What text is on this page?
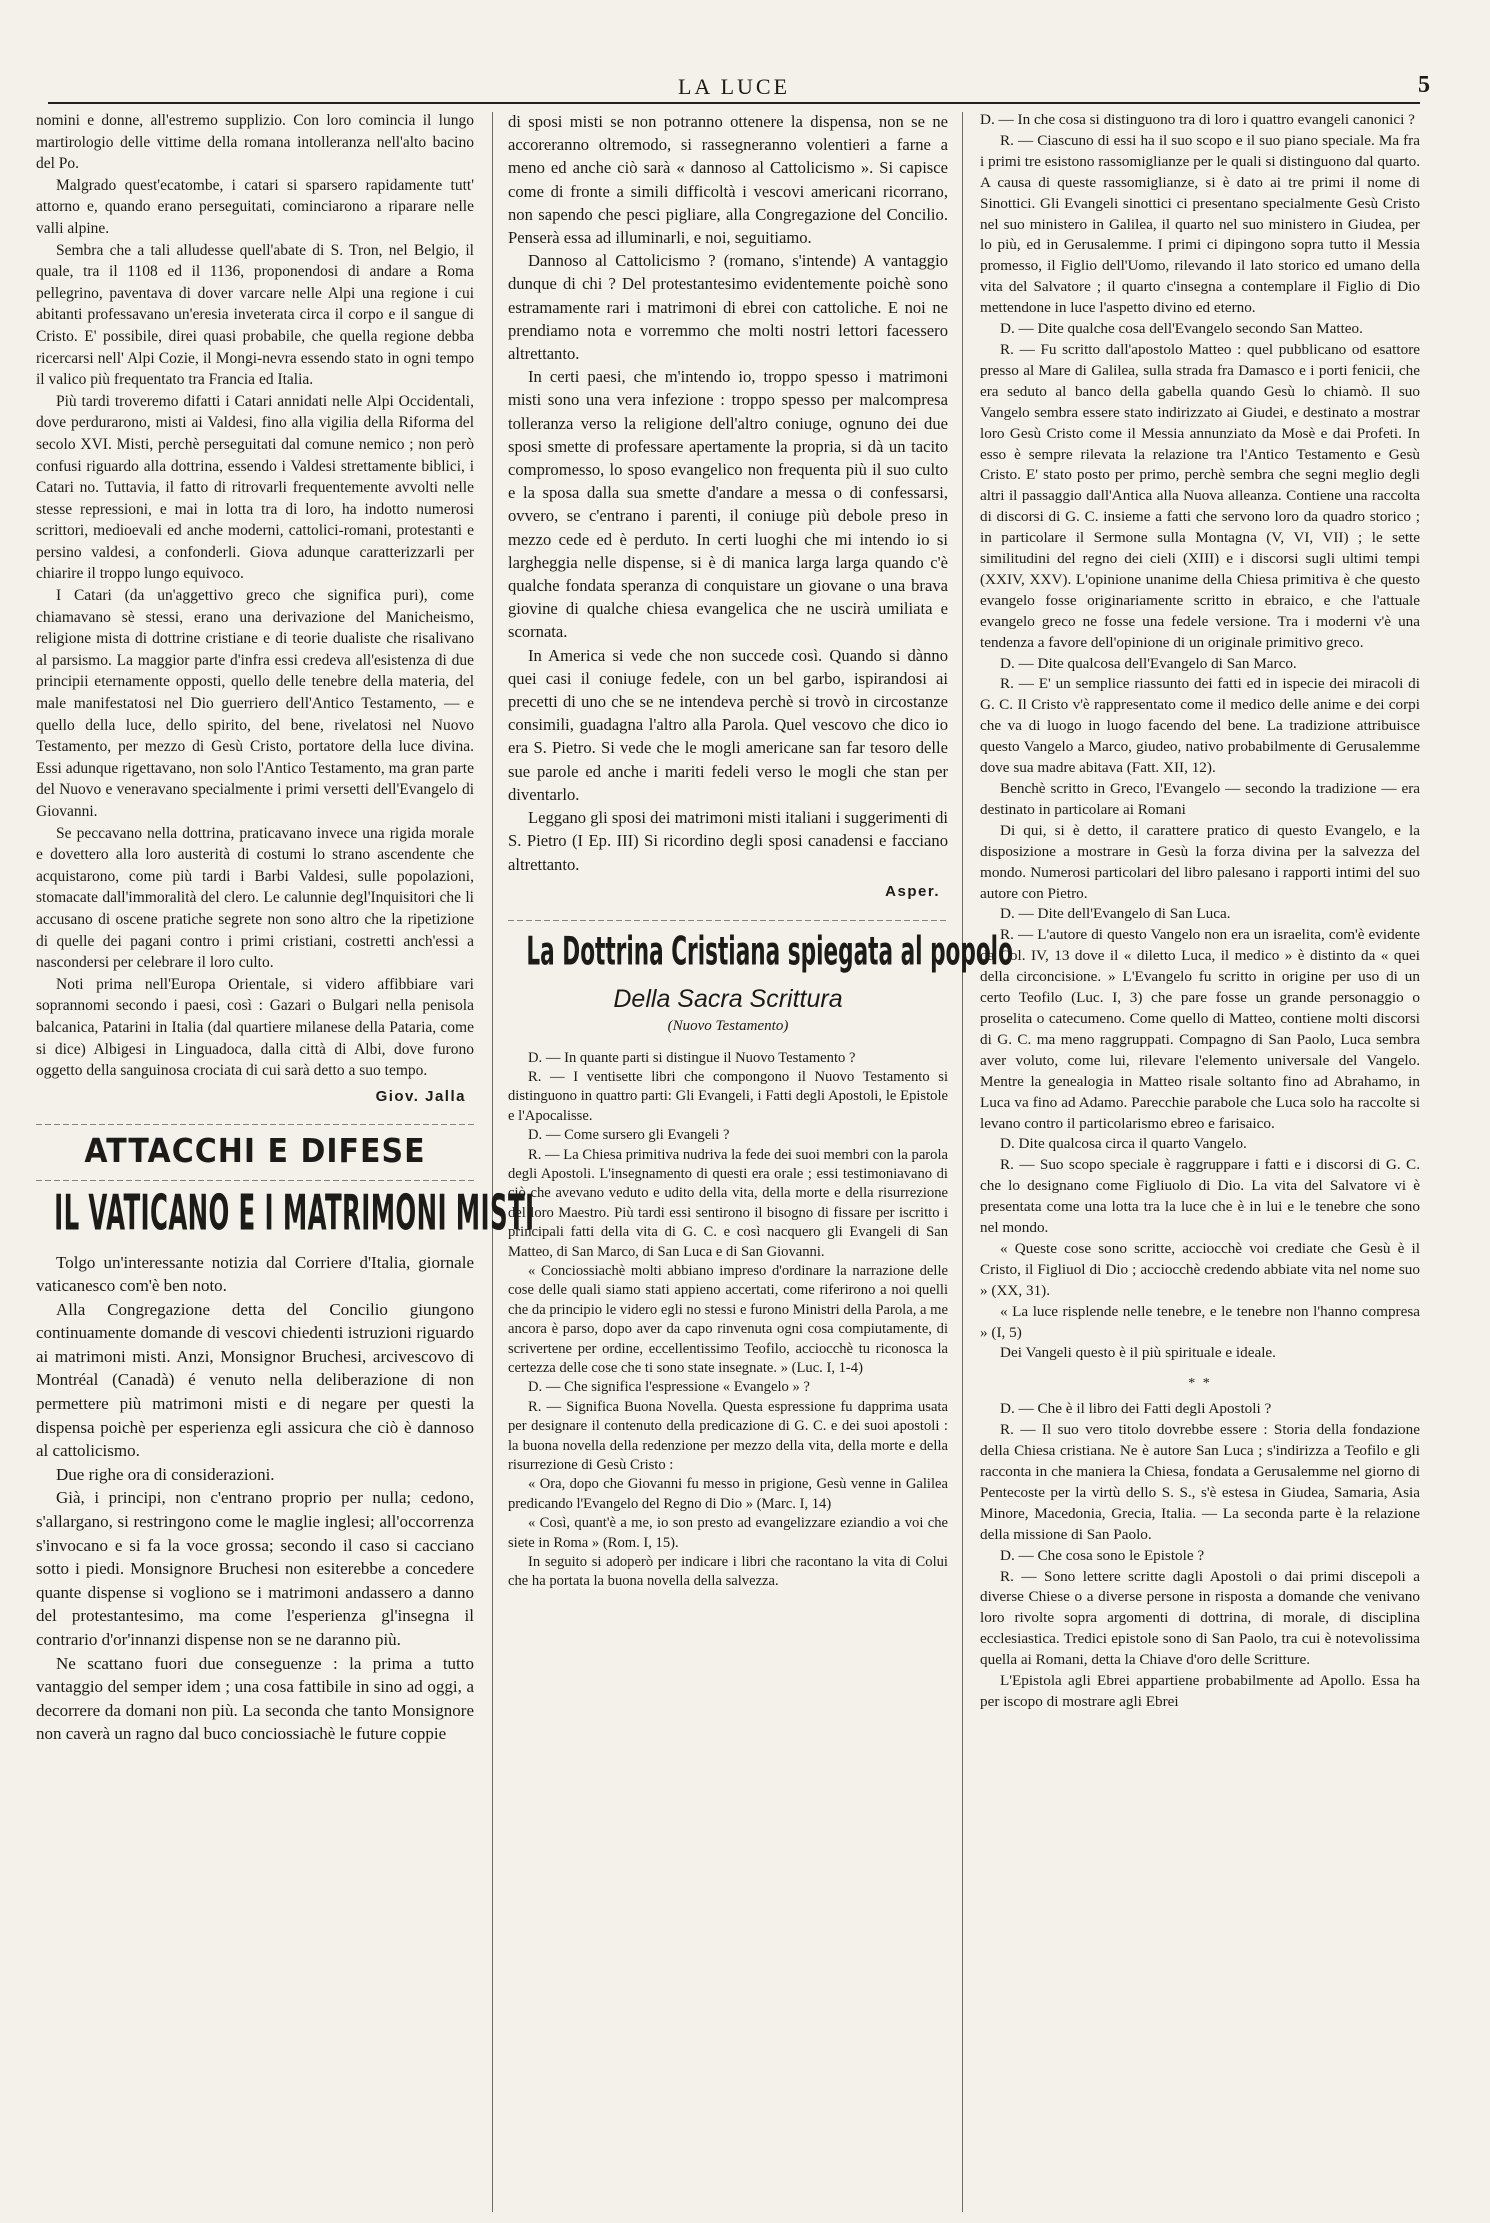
LA LUCE	5

nomini e donne, all'estremo supplizio. Con loro comincia il lungo martirologio delle vittime della romana intolleranza nell'alto bacino del Po.

Malgrado quest'ecatombe, i catari si sparsero rapidamente tutt' attorno e, quando erano perseguitati, cominciarono a riparare nelle valli alpine.

Sembra che a tali alludesse quell'abate di S. Tron, nel Belgio, il quale, tra il 1108 ed il 1136, proponendosi di andare a Roma pellegrino, paventava di dover varcare nelle Alpi una regione i cui abitanti professavano un'eresia inveterata circa il corpo e il sangue di Cristo. E' possibile, direi quasi probabile, che quella regione debba ricercarsi nell' Alpi Cozie, il Mongi-nevra essendo stato in ogni tempo il valico più frequentato tra Francia ed Italia.

Più tardi troveremo difatti i Catari annidati nelle Alpi Occidentali, dove perdurarono, misti ai Valdesi, fino alla vigilia della Riforma del secolo XVI. Misti, perchè perseguitati dal comune nemico ; non però confusi riguardo alla dottrina, essendo i Valdesi strettamente biblici, i Catari no. Tuttavia, il fatto di ritrovarli frequentemente avvolti nelle stesse repressioni, e mai in lotta tra di loro, ha indotto numerosi scrittori, medioevali ed anche moderni, cattolici-romani, protestanti e persino valdesi, a confonderli. Giova adunque caratterizzarli per chiarire il troppo lungo equivoco.

I Catari (da un'aggettivo greco che significa puri), come chiamavano sè stessi, erano una derivazione del Manicheismo, religione mista di dottrine cristiane e di teorie dualiste che risalivano al parsismo. La maggior parte d'infra essi credeva all'esistenza di due principii eternamente opposti, quello delle tenebre della materia, del male manifestatosi nel Dio guerriero dell'Antico Testamento, — e quello della luce, dello spirito, del bene, rivelatosi nel Nuovo Testamento, per mezzo di Gesù Cristo, portatore della luce divina. Essi adunque rigettavano, non solo l'Antico Testamento, ma gran parte del Nuovo e veneravano specialmente i primi versetti dell'Evangelo di Giovanni.

Se peccavano nella dottrina, praticavano invece una rigida morale e dovettero alla loro austerità di costumi lo strano ascendente che acquistarono, come più tardi i Barbi Valdesi, sulle popolazioni, stomacate dall'immoralità del clero. Le calunnie degl'Inquisitori che li accusano di oscene pratiche segrete non sono altro che la ripetizione di quelle dei pagani contro i primi cristiani, costretti anch'essi a nascondersi per celebrare il loro culto.

Noti prima nell'Europa Orientale, si videro affibbiare vari soprannomi secondo i paesi, così : Gazari o Bulgari nella penisola balcanica, Patarini in Italia (dal quartiere milanese della Pataria, come si dice) Albigesi in Linguadoca, dalla città di Albi, dove furono oggetto della sanguinosa crociata di cui sarà detto a suo tempo.

Giov. Jalla
ATTACCHI E DIFESE
IL VATICANO E I MATRIMONI MISTI

Tolgo un'interessante notizia dal Corriere d'Italia, giornale vaticanesco com'è ben noto.

Alla Congregazione detta del Concilio giungono continuamente domande di vescovi chiedenti istruzioni riguardo ai matrimoni misti. Anzi, Monsignor Bruchesi, arcivescovo di Montréal (Canadà) é venuto nella deliberazione di non permettere più matrimoni misti e di negare per questi la dispensa poichè per esperienza egli assicura che ciò è dannoso al cattolicismo.

Due righe ora di considerazioni.

Già, i principi, non c'entrano proprio per nulla; cedono, s'allargano, si restringono come le maglie inglesi; all'occorrenza s'invocano e si fa la voce grossa; secondo il caso si cacciano sotto i piedi. Monsignore Bruchesi non esiterebbe a concedere quante dispense si vogliono se i matrimoni andassero a danno del protestantesimo, ma come l'esperienza gl'insegna il contrario d'or'innanzi dispense non se ne daranno più.

Ne scattano fuori due conseguenze : la prima a tutto vantaggio del semper idem ; una cosa fattibile in sino ad oggi, a decorrere da domani non più. La seconda che tanto Monsignore non caverà un ragno dal buco conciossiachè le future coppie

di sposi misti se non potranno ottenere la dispensa, non se ne accoreranno oltremodo, si rassegneranno volentieri a farne a meno ed anche ciò sarà « dannoso al Cattolicismo ». Si capisce come di fronte a simili difficoltà i vescovi americani ricorrano, non sapendo che pesci pigliare, alla Congregazione del Concilio. Penserà essa ad illuminarli, e noi, seguitiamo.

Dannoso al Cattolicismo ? (romano, s'intende) A vantaggio dunque di chi ? Del protestantesimo evidentemente poichè sono estramamente rari i matrimoni di ebrei con cattoliche. E noi ne prendiamo nota e vorremmo che molti nostri lettori facessero altrettanto.

In certi paesi, che m'intendo io, troppo spesso i matrimoni misti sono una vera infezione : troppo spesso per malcompresa tolleranza verso la religione dell'altro coniuge, ognuno dei due sposi smette di professare apertamente la propria, si dà un tacito compromesso, lo sposo evangelico non frequenta più il suo culto e la sposa dalla sua smette d'andare a messa o di confessarsi, ovvero, se c'entrano i parenti, il coniuge più debole preso in mezzo cede ed è perduto. In certi luoghi che mi intendo io si largheggia nelle dispense, si è di manica larga larga quando c'è qualche fondata speranza di conquistare un giovane o una brava giovine di qualche chiesa evangelica che ne uscirà umiliata e scornata.

In America si vede che non succede così. Quando si dànno quei casi il coniuge fedele, con un bel garbo, ispirandosi ai precetti di uno che se ne intendeva perchè si trovò in circostanze consimili, guadagna l'altro alla Parola. Quel vescovo che dico io era S. Pietro. Si vede che le mogli americane san far tesoro delle sue parole ed anche i mariti fedeli verso le mogli che stan per diventarlo.

Leggano gli sposi dei matrimoni misti italiani i suggerimenti di S. Pietro (I Ep. III) Si ricordino degli sposi canadensi e facciano altrettanto.

Asper.
La Dottrina Cristiana spiegata al popolo
Della Sacra Scrittura
(Nuovo Testamento)

D. — In quante parti si distingue il Nuovo Testamento ?

R. — I ventisette libri che compongono il Nuovo Testamento si distinguono in quattro parti: Gli Evangeli, i Fatti degli Apostoli, le Epistole e l'Apocalisse.

D. — Come sursero gli Evangeli ?

R. — La Chiesa primitiva nudriva la fede dei suoi membri con la parola degli Apostoli. L'insegnamento di questi era orale ; essi testimoniavano di ciò che avevano veduto e udito della vita, della morte e della risurrezione del loro Maestro. Più tardi essi sentirono il bisogno di fissare per iscritto i principali fatti della vita di G. C. e così nacquero gli Evangeli di San Matteo, di San Marco, di San Luca e di San Giovanni.

« Conciossiachè molti abbiano impreso d'ordinare la narrazione delle cose delle quali siamo stati appieno accertati, come riferirono a noi quelli che da principio le videro egli no stessi e furono Ministri della Parola, a me ancora è parso, dopo aver da capo rinvenuta ogni cosa compiutamente, di scrivertene per ordine, eccellentissimo Teofilo, acciocchè tu riconosca la certezza delle cose che ti sono state insegnate. » (Luc. I, 1-4)

D. — Che significa l'espressione « Evangelo » ?

R. — Significa Buona Novella. Questa espressione fu dapprima usata per designare il contenuto della predicazione di G. C. e dei suoi apostoli : la buona novella della redenzione per mezzo della vita, della morte e della risurrezione di Gesù Cristo :

« Ora, dopo che Giovanni fu messo in prigione, Gesù venne in Galilea predicando l'Evangelo del Regno di Dio » (Marc. I, 14)

« Così, quant'è a me, io son presto ad evangelizzare eziandio a voi che siete in Roma » (Rom. I, 15).

In seguito si adoperò per indicare i libri che racontano la vita di Colui che ha portata la buona novella della salvezza.

D. — In che cosa si distinguono tra di loro i quattro evangeli canonici ?

R. — Ciascuno di essi ha il suo scopo e il suo piano speciale. Ma fra i primi tre esistono rassomiglianze per le quali si distinguono dal quarto. A causa di queste rassomiglianze, si è dato ai tre primi il nome di Sinottici. Gli Evangeli sinottici ci presentano specialmente Gesù Cristo nel suo ministero in Galilea, il quarto nel suo ministero in Giudea, per lo più, ed in Gerusalemme. I primi ci dipingono sopra tutto il Messia promesso, il Figlio dell'Uomo, rilevando il lato storico ed umano della vita del Salvatore ; il quarto c'insegna a contemplare il Figlio di Dio mettendone in luce l'aspetto divino ed eterno.

D. — Dite qualche cosa dell'Evangelo secondo San Matteo.

R. — Fu scritto dall'apostolo Matteo : quel pubblicano od esattore presso al Mare di Galilea, sulla strada fra Damasco e i porti fenicii, che era seduto al banco della gabella quando Gesù lo chiamò. Il suo Vangelo sembra essere stato indirizzato ai Giudei, e destinato a mostrar loro Gesù Cristo come il Messia annunziato da Mosè e dai Profeti. In esso è sempre rilevata la relazione tra l'Antico Testamento e Gesù Cristo. E' stato posto per primo, perchè sembra che segni meglio degli altri il passaggio dall'Antica alla Nuova alleanza. Contiene una raccolta di discorsi di G. C. insieme a fatti che servono loro da quadro storico ; in particolare il Sermone sulla Montagna (V, VI, VII) ; le sette similitudini del regno dei cieli (XIII) e i discorsi sugli ultimi tempi (XXIV, XXV). L'opinione unanime della Chiesa primitiva è che questo evangelo fosse originariamente scritto in ebraico, e che l'attuale evangelo greco ne fosse una fedele versione. Tra i moderni v'è una tendenza a favore dell'opinione di un originale primitivo greco.

D. — Dite qualcosa dell'Evangelo di San Marco.

R. — E' un semplice riassunto dei fatti ed in ispecie dei miracoli di G. C. Il Cristo v'è rappresentato come il medico delle anime e dei corpi che va di luogo in luogo facendo del bene. La tradizione attribuisce questo Vangelo a Marco, giudeo, nativo probabilmente di Gerusalemme dove sua madre abitava (Fatt. XII, 12).

Benchè scritto in Greco, l'Evangelo — secondo la tradizione — era destinato in particolare ai Romani

Di qui, si è detto, il carattere pratico di questo Evangelo, e la disposizione a mostrare in Gesù la forza divina per la salvezza del mondo. Numerosi particolari del libro palesano i rapporti intimi del suo autore con Pietro.

D. — Dite dell'Evangelo di San Luca.

R. — L'autore di questo Vangelo non era un israelita, com'è evidente da Col. IV, 13 dove il « diletto Luca, il medico » è distinto da « quei della circoncisione. » L'Evangelo fu scritto in origine per uso di un certo Teofilo (Luc. I, 3) che pare fosse un grande personaggio o proselita o catecumeno. Come quello di Matteo, contiene molti discorsi di G. C. ma meno raggruppati. Compagno di San Paolo, Luca sembra aver voluto, come lui, rilevare l'elemento universale del Vangelo. Mentre la genealogia in Matteo risale soltanto fino ad Abrahamo, in Luca va fino ad Adamo. Parecchie parabole che Luca solo ha raccolte si levano contro il particolarismo ebreo e farisaico.

D. Dite qualcosa circa il quarto Vangelo.

R. — Suo scopo speciale è raggruppare i fatti e i discorsi di G. C. che lo designano come Figliuolo di Dio. La vita del Salvatore vi è presentata come una lotta tra la luce che è in lui e le tenebre che sono nel mondo.

« Queste cose sono scritte, acciocchè voi crediate che Gesù è il Cristo, il Figliuol di Dio ; acciocchè credendo abbiate vita nel nome suo » (XX, 31).

« La luce risplende nelle tenebre, e le tenebre non l'hanno compresa » (I, 5)

Dei Vangeli questo è il più spirituale e ideale.

* *

D. — Che è il libro dei Fatti degli Apostoli ?

R. — Il suo vero titolo dovrebbe essere : Storia della fondazione della Chiesa cristiana. Ne è autore San Luca ; s'indirizza a Teofilo e gli racconta in che maniera la Chiesa, fondata a Gerusalemme nel giorno di Pentecoste per la virtù dello S. S., s'è estesa in Giudea, Samaria, Asia Minore, Macedonia, Grecia, Italia. — La seconda parte è la relazione della missione di San Paolo.

D. — Che cosa sono le Epistole ?

R. — Sono lettere scritte dagli Apostoli o dai primi discepoli a diverse Chiese o a diverse persone in risposta a domande che venivano loro rivolte sopra argomenti di dottrina, di morale, di disciplina ecclesiastica. Tredici epistole sono di San Paolo, tra cui è notevolissima quella ai Romani, detta la Chiave d'oro delle Scritture.

L'Epistola agli Ebrei appartiene probabilmente ad Apollo. Essa ha per iscopo di mostrare agli Ebrei
